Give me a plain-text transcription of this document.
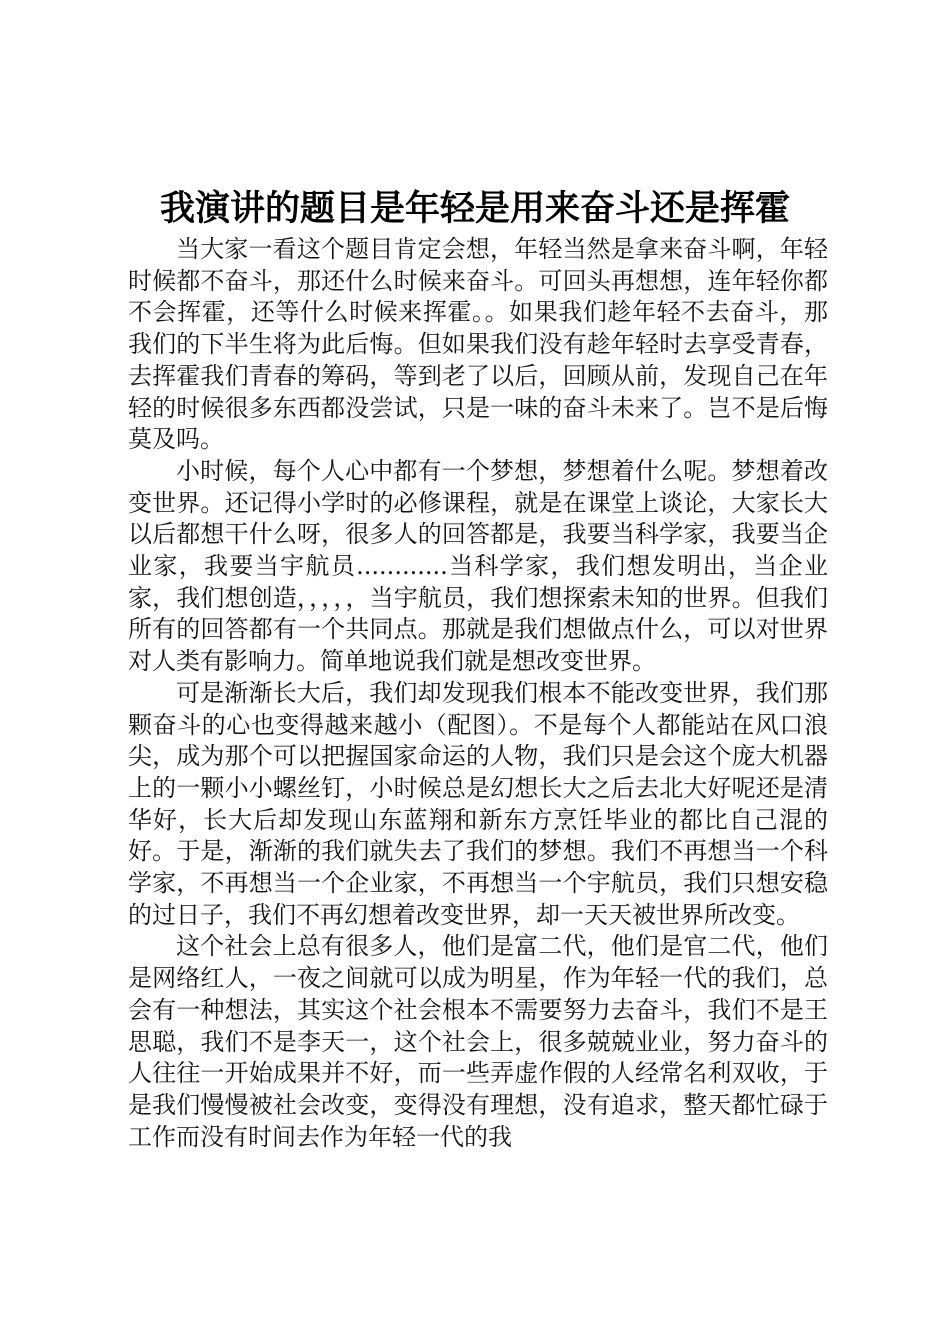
我演讲的题目是年轻是用来奋斗还是挥霍

当大家一看这个题目肯定会想，年轻当然是拿来奋斗啊，年轻时候都不奋斗，那还什么时候来奋斗。可回头再想想，连年轻你都不会挥霍，还等什么时候来挥霍。。如果我们趁年轻不去奋斗，那我们的下半生将为此后悔。但如果我们没有趁年轻时去享受青春，去挥霍我们青春的筹码，等到老了以后，回顾从前，发现自己在年轻的时候很多东西都没尝试，只是一味的奋斗未来了。岂不是后悔莫及吗。

小时候，每个人心中都有一个梦想，梦想着什么呢。梦想着改变世界。还记得小学时的必修课程，就是在课堂上谈论，大家长大以后都想干什么呀，很多人的回答都是，我要当科学家，我要当企业家，我要当宇航员............当科学家，我们想发明出，当企业家，我们想创造，，，，，当宇航员，我们想探索未知的世界。但我们所有的回答都有一个共同点。那就是我们想做点什么，可以对世界对人类有影响力。简单地说我们就是想改变世界。

可是渐渐长大后，我们却发现我们根本不能改变世界，我们那颗奋斗的心也变得越来越小（配图）。不是每个人都能站在风口浪尖，成为那个可以把握国家命运的人物，我们只是会这个庞大机器上的一颗小小螺丝钉，小时候总是幻想长大之后去北大好呢还是清华好，长大后却发现山东蓝翔和新东方烹饪毕业的都比自己混的好。于是，渐渐的我们就失去了我们的梦想。我们不再想当一个科学家，不再想当一个企业家，不再想当一个宇航员，我们只想安稳的过日子，我们不再幻想着改变世界，却一天天被世界所改变。

这个社会上总有很多人，他们是富二代，他们是官二代，他们是网络红人，一夜之间就可以成为明星，作为年轻一代的我们，总会有一种想法，其实这个社会根本不需要努力去奋斗，我们不是王思聪，我们不是李天一，这个社会上，很多兢兢业业，努力奋斗的人往往一开始成果并不好，而一些弄虚作假的人经常名利双收，于是我们慢慢被社会改变，变得没有理想，没有追求，整天都忙碌于工作而没有时间去作为年轻一代的我
